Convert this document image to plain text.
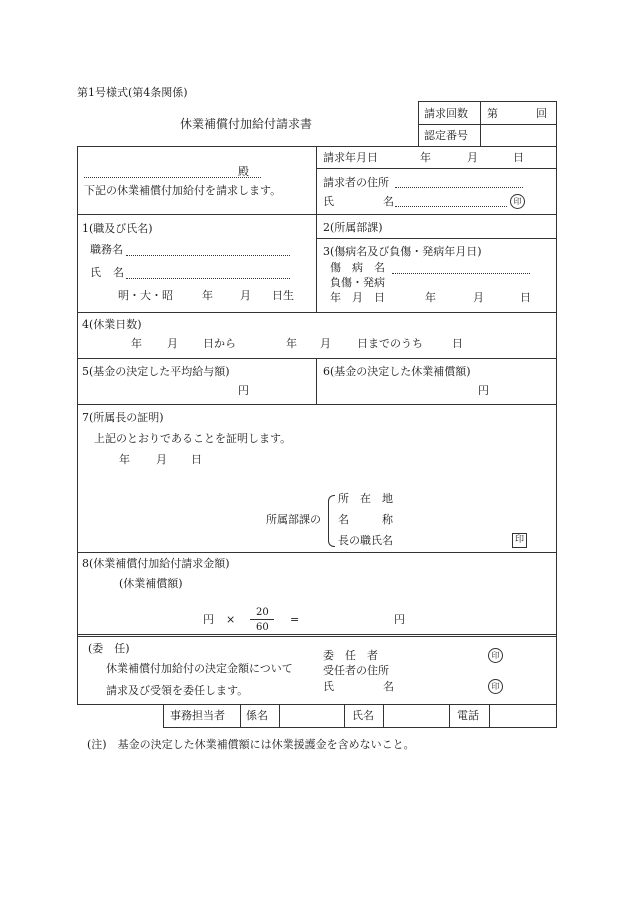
第1号様式(第4条関係)
休業補償付加給付請求書
請求回数 第	回
認定番号
殿
下記の休業補償付加給付を請求します。
請求年月日	年	月	日
請求者の住所
氏	名	印
1(職及び氏名)
職務名
氏 名
明・大・昭	年 月 日生
2(所属部課)
3(傷病名及び負傷・発病年月日)
傷　病　名
負傷・発病
年　月　日	年	月	日
4(休業日数)
年 月 日から	年 月 日までのうち	日
5(基金の決定した平均給与額)
円
6(基金の決定した休業補償額)
円
7(所属長の証明)
上記のとおりであることを証明します。
年 月 日
所属部課の
所　在　地
名　　　称
長の職氏名	印
8(休業補償付加給付請求金額)
(休業補償額)
円 ×
20
60
=	円
(委　任)
休業補償付加給付の決定金額について
請求及び受領を委任します。
委　任　者	印
受任者の住所
氏	名	印
事務担当者 係名	氏名	電話
(注)　基金の決定した休業補償額には休業援護金を含めないこと。
